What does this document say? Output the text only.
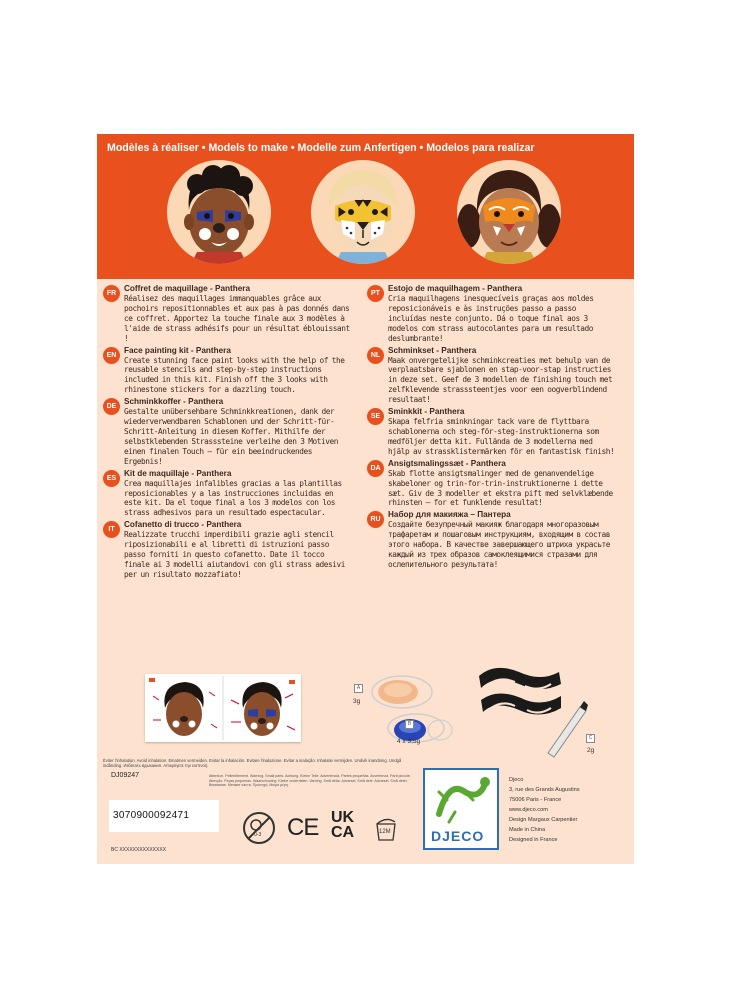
Modèles à réaliser • Models to make • Modelle zum Anfertigen • Modelos para realizar
FR
Coffret de maquillage - Panthera
Réalisez des maquillages immanquables grâce aux pochoirs repositionnables et aux pas à pas donnés dans ce coffret. Apportez la touche finale aux 3 modèles à l'aide de strass adhésifs pour un résultat éblouissant !
EN
Face painting kit - Panthera
Create stunning face paint looks with the help of the reusable stencils and step-by-step instructions included in this kit. Finish off the 3 looks with rhinestone stickers for a dazzling touch.
DE
Schminkkoffer - Panthera
Gestalte unübersehbare Schminkkreationen, dank der wiederverwendbaren Schablonen und der Schritt-für-Schritt-Anleitung in diesem Koffer. Mithilfe der selbstklebenden Strasssteine verleihe den 3 Motiven einen finalen Touch – für ein beeindruckendes Ergebnis!
ES
Kit de maquillaje - Panthera
Crea maquillajes infalibles gracias a las plantillas reposicionables y a las instrucciones incluidas en este kit. Da el toque final a los 3 modelos con los strass adhesivos para un resultado espectacular.
IT
Cofanetto di trucco - Panthera
Realizzate trucchi imperdibili grazie agli stencil riposizionabili e al libretti di istruzioni passo passo forniti in questo cofanetto. Date il tocco finale ai 3 modelli aiutandovi con gli strass adesivi per un risultato mozzafiato!
PT
Estojo de maquilhagem - Panthera
Cria maquilhagens inesquecíveis graças aos moldes reposicionáveis e às instruções passo a passo incluídas neste conjunto. Dá o toque final aos 3 modelos com strass autocolantes para um resultado deslumbrante!
NL
Schminkset - Panthera
Maak onvergetelijke schminkcreaties met behulp van de verplaatsbare sjablonen en stap-voor-stap instructies in deze set. Geef de 3 modellen de finishing touch met zelfklevende strasssteentjes voor een oogverblindend resultaat!
SE
Sminkkit - Panthera
Skapa felfria sminkningar tack vare de flyttbara schablonerna och steg-för-steg-instruktionerna som medföljer detta kit. Fullända de 3 modellerna med hjälp av strassklistermärken för en fantastisk finish!
DA
Ansigtsmalingssæt - Panthera
Skab flotte ansigtsmalinger med de genanvendelige skabeloner og trin-for-trin-instruktionerne i dette sæt. Giv de 3 modeller et ekstra pift med selvklæbende rhinsten – for et funklende resultat!
RU
Набор для макияжа – Пантера
Создайте безупречный макияж благодаря многоразовым трафаретам и пошаговым инструкциям, входящим в состав этого набора. В качестве завершающего штриха украсьте каждый из трех образов самоклеящимися стразами для ослепительного результата!
A
3g
B
4 x 3,5g	C
2g
Éviter l'inhalation. Avoid inhalation. Einatmen vermeiden. Evitar la inhalación. Evitare l'inalazione. Evitar a inalação. Inhalatie vermijden. Undvik inandning. Undgå indånding. Избегать вдыхания. Αποφύγετε την εισπνοή.
DJ09247	Attention. Pellentitement. Warning. Small parts. Achtung. Kleine Teile. Advertencia. Partes pequeñas. Avvertenza. Parti piccole. Atenção. Peças pequenas. Waarschuwing. Kleine onderdelen. Varning. Små delar. Advarsel. Små dele. Advarsel. Små deler. Внимание. Мелкие части. Προσοχή. Μικρά μέρη.
3070900092471
BC XXXXXXXXXXXXXX
0-3 CE UK
CA	12M	DJECO
Djeco
3, rue des Grands Augustins
75006 Paris - France
www.djeco.com
Design Margaux Carpentier
Made in China
Designed in France
